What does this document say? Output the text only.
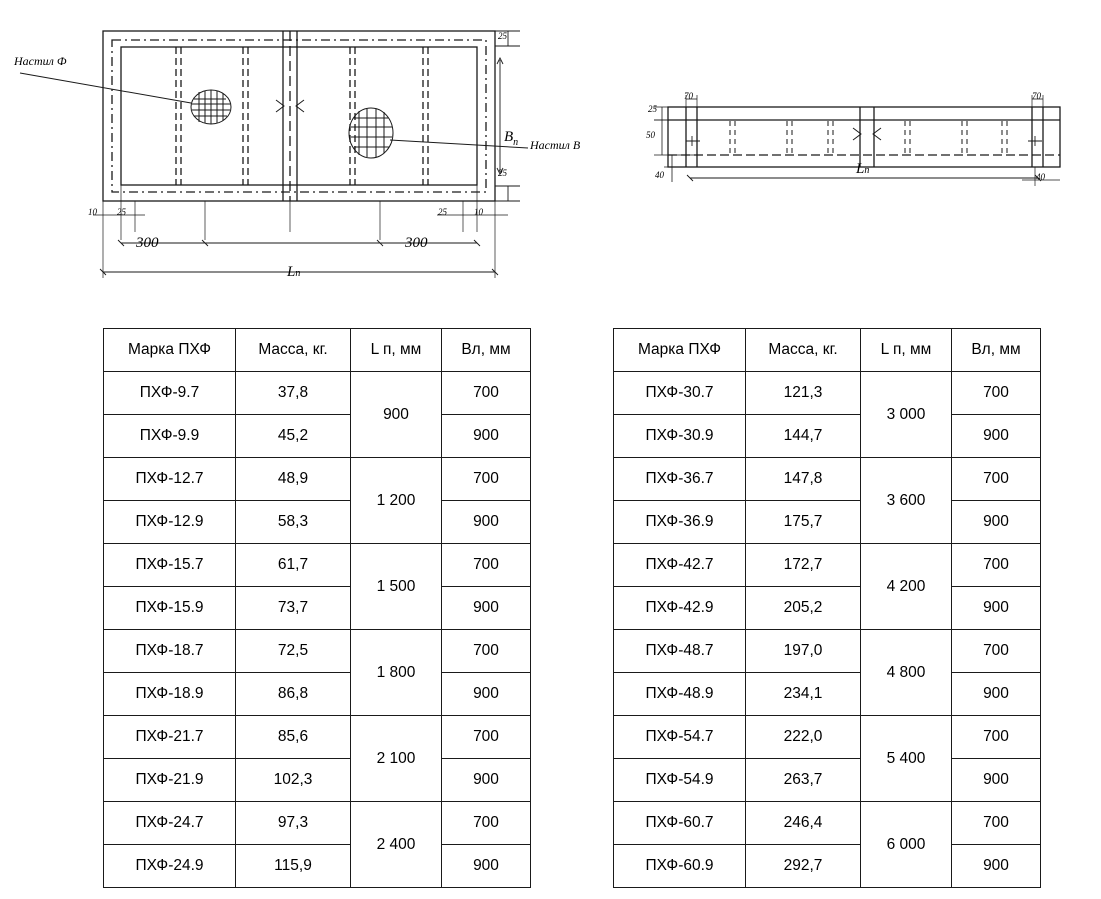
Настил Ф
Настил В
25
25
10 25	25	10
300	300
$В_п$
Lп
25
50
40
70	70
40
Lп
Марка ПХФ	Масса, кг.	L п, мм	Вл, мм
ПХФ-9.7	37,8	900	700
ПХФ-9.9	45,2		900
ПХФ-12.7	48,9	1 200	700
ПХФ-12.9	58,3		900
ПХФ-15.7	61,7	1 500	700
ПХФ-15.9	73,7		900
ПХФ-18.7	72,5	1 800	700
ПХФ-18.9	86,8		900
ПХФ-21.7	85,6	2 100	700
ПХФ-21.9	102,3		900
ПХФ-24.7	97,3	2 400	700
ПХФ-24.9	115,9		900
Марка ПХФ	Масса, кг.	L п, мм	Вл, мм
ПХФ-30.7	121,3	3 000	700
ПХФ-30.9	144,7		900
ПХФ-36.7	147,8	3 600	700
ПХФ-36.9	175,7		900
ПХФ-42.7	172,7	4 200	700
ПХФ-42.9	205,2		900
ПХФ-48.7	197,0	4 800	700
ПХФ-48.9	234,1		900
ПХФ-54.7	222,0	5 400	700
ПХФ-54.9	263,7		900
ПХФ-60.7	246,4	6 000	700
ПХФ-60.9	292,7		900
